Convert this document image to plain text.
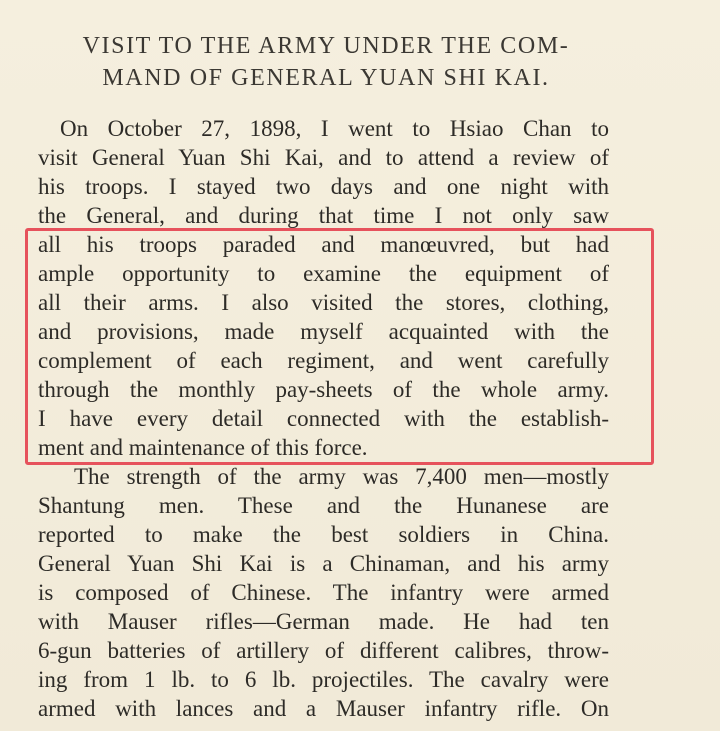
VISIT TO THE ARMY UNDER THE COM-
MAND OF GENERAL YUAN SHI KAI.
On October 27, 1898, I went to Hsiao Chan to
visit General Yuan Shi Kai, and to attend a review of
his troops. I stayed two days and one night with
the General, and during that time I not only saw
all his troops paraded and manœuvred, but had
ample opportunity to examine the equipment of
all their arms. I also visited the stores, clothing,
and provisions, made myself acquainted with the
complement of each regiment, and went carefully
through the monthly pay-sheets of the whole army.
I have every detail connected with the establish-
ment and maintenance of this force.
The strength of the army was 7,400 men—mostly
Shantung men. These and the Hunanese are
reported to make the best soldiers in China.
General Yuan Shi Kai is a Chinaman, and his army
is composed of Chinese. The infantry were armed
with Mauser rifles—German made. He had ten
6-gun batteries of artillery of different calibres, throw-
ing from 1 lb. to 6 lb. projectiles. The cavalry were
armed with lances and a Mauser infantry rifle. On
